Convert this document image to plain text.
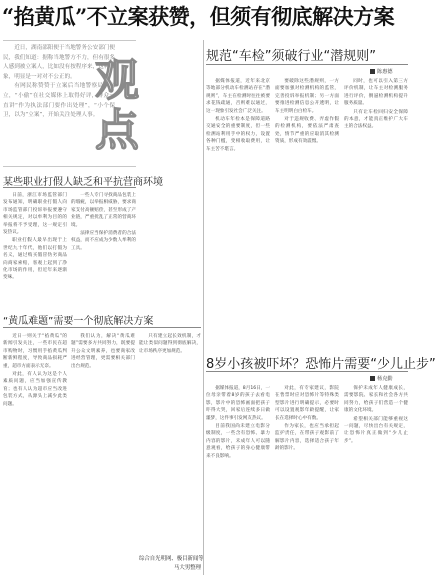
“掐黄瓜”不立案获赞，但须有彻底解决方案

近日，湖南邵阳便于当地警务公安部门便民，我们知道：据称当地警方不力，但有很多人感到被立案人，比如没有按程序来，这种现象，明显是一对对不公正的。

有网民称赞赞于立案后当地警察局新闻立，“小偷”在社交媒体上取得好评，群众一直讲“作为执法部门要作出处理”，“小个保卫，以为“立案”，开始关注处理人事。

观
点
某些职业打假人缺乏和平抗营商环境

日前，浙江市场监管部门发布通知，明确职业打假人向市场监管部门投诉举报要遵守相关规定，对以牟利为目的的举报将不予受理，这一规定引发热议。

职业打假人最早出现于上世纪九十年代，他们以打假为名义，通过购买假冒伪劣商品向商家索赔，客观上起到了净化市场的作用，但近年来逐渐变味。

一些人专门寻找商品包装上的瑕疵，以举报相威胁，要求商家支付高额赔偿，甚至形成了产业链，严重扰乱了正常的营商环境。

法律应当保护消费者的合法权益，而不应成为少数人牟利的工具。

“黄瓜难题”需要一个彻底解决方案

近日一则关于“掐黄瓜”的新闻引发关注，一些市民在超市购物时，习惯用手掐黄瓜判断新鲜程度，导致商品损耗严重，超市方面表示无奈。

对此，有人认为这是个人素质问题，应当加强宣传教育；也有人认为超市应当改进包装方式，从源头上减少此类问题。

我们认为，解决“黄瓜难题”需要多方共同努力，既要提升公众文明素养，也要商家改进经营管理，更需要相关部门出台规范。

只有建立起长效机制，才能让类似问题得到彻底解决，让市场秩序更加规范。

综合自光明网、极目新闻等
马大男整理
规范“车检”须破行业“潜规则”
陈惠德

据媒体报道，近年来北京等地部分机动车检测站存在“潜规则”，车主在检测时往往被要求花钱疏通，否则难以通过，这一现象引发社会广泛关注。

机动车年检本是保障道路交通安全的重要制度，但一些检测站利用手中的权力，设置各种门槛，变相收取费用，让车主苦不堪言。

要破除这些潜规则，一方面要加强对检测机构的监管，完善投诉举报机制；另一方面要推进检测信息公开透明，让车主明明白白检车。

对于违规收费、弄虚作假的检测机构，要依法严肃查处，情节严重的应取消其检测资质，形成有效震慑。

同时，也可以引入第三方评价机制，让车主对检测服务进行评价，倒逼检测机构提升服务质量。

只有让车检回归安全保障的本意，才能真正维护广大车主的合法权益。

8岁小孩被吓坏？恐怖片需要“少儿止步”
杨克勤

据媒体报道，8月16日，一位母亲带着8岁的孩子去看电影，影片中的恐怖画面把孩子吓得大哭，回家后连续多日做噩梦，这件事引发网友热议。

目前我国尚未建立电影分级制度，一些含有恐怖、暴力内容的影片，未成年人可以随意观看，给孩子的身心健康带来不良影响。

对此，有专家建议，影院在售票时应对恐怖片等特殊类型影片进行明确提示，必要时可以设置观影年龄提醒，让家长在选择时心中有数。

作为家长，也应当承担起监护责任，在带孩子观影前了解影片内容，选择适合孩子年龄的影片。

保护未成年人健康成长，需要影院、家长和社会各方共同努力，给孩子们营造一个健康的文化环境。

希望相关部门能够重视这一问题，尽快出台有关规定，让恐怖片真正做到“少儿止步”。
